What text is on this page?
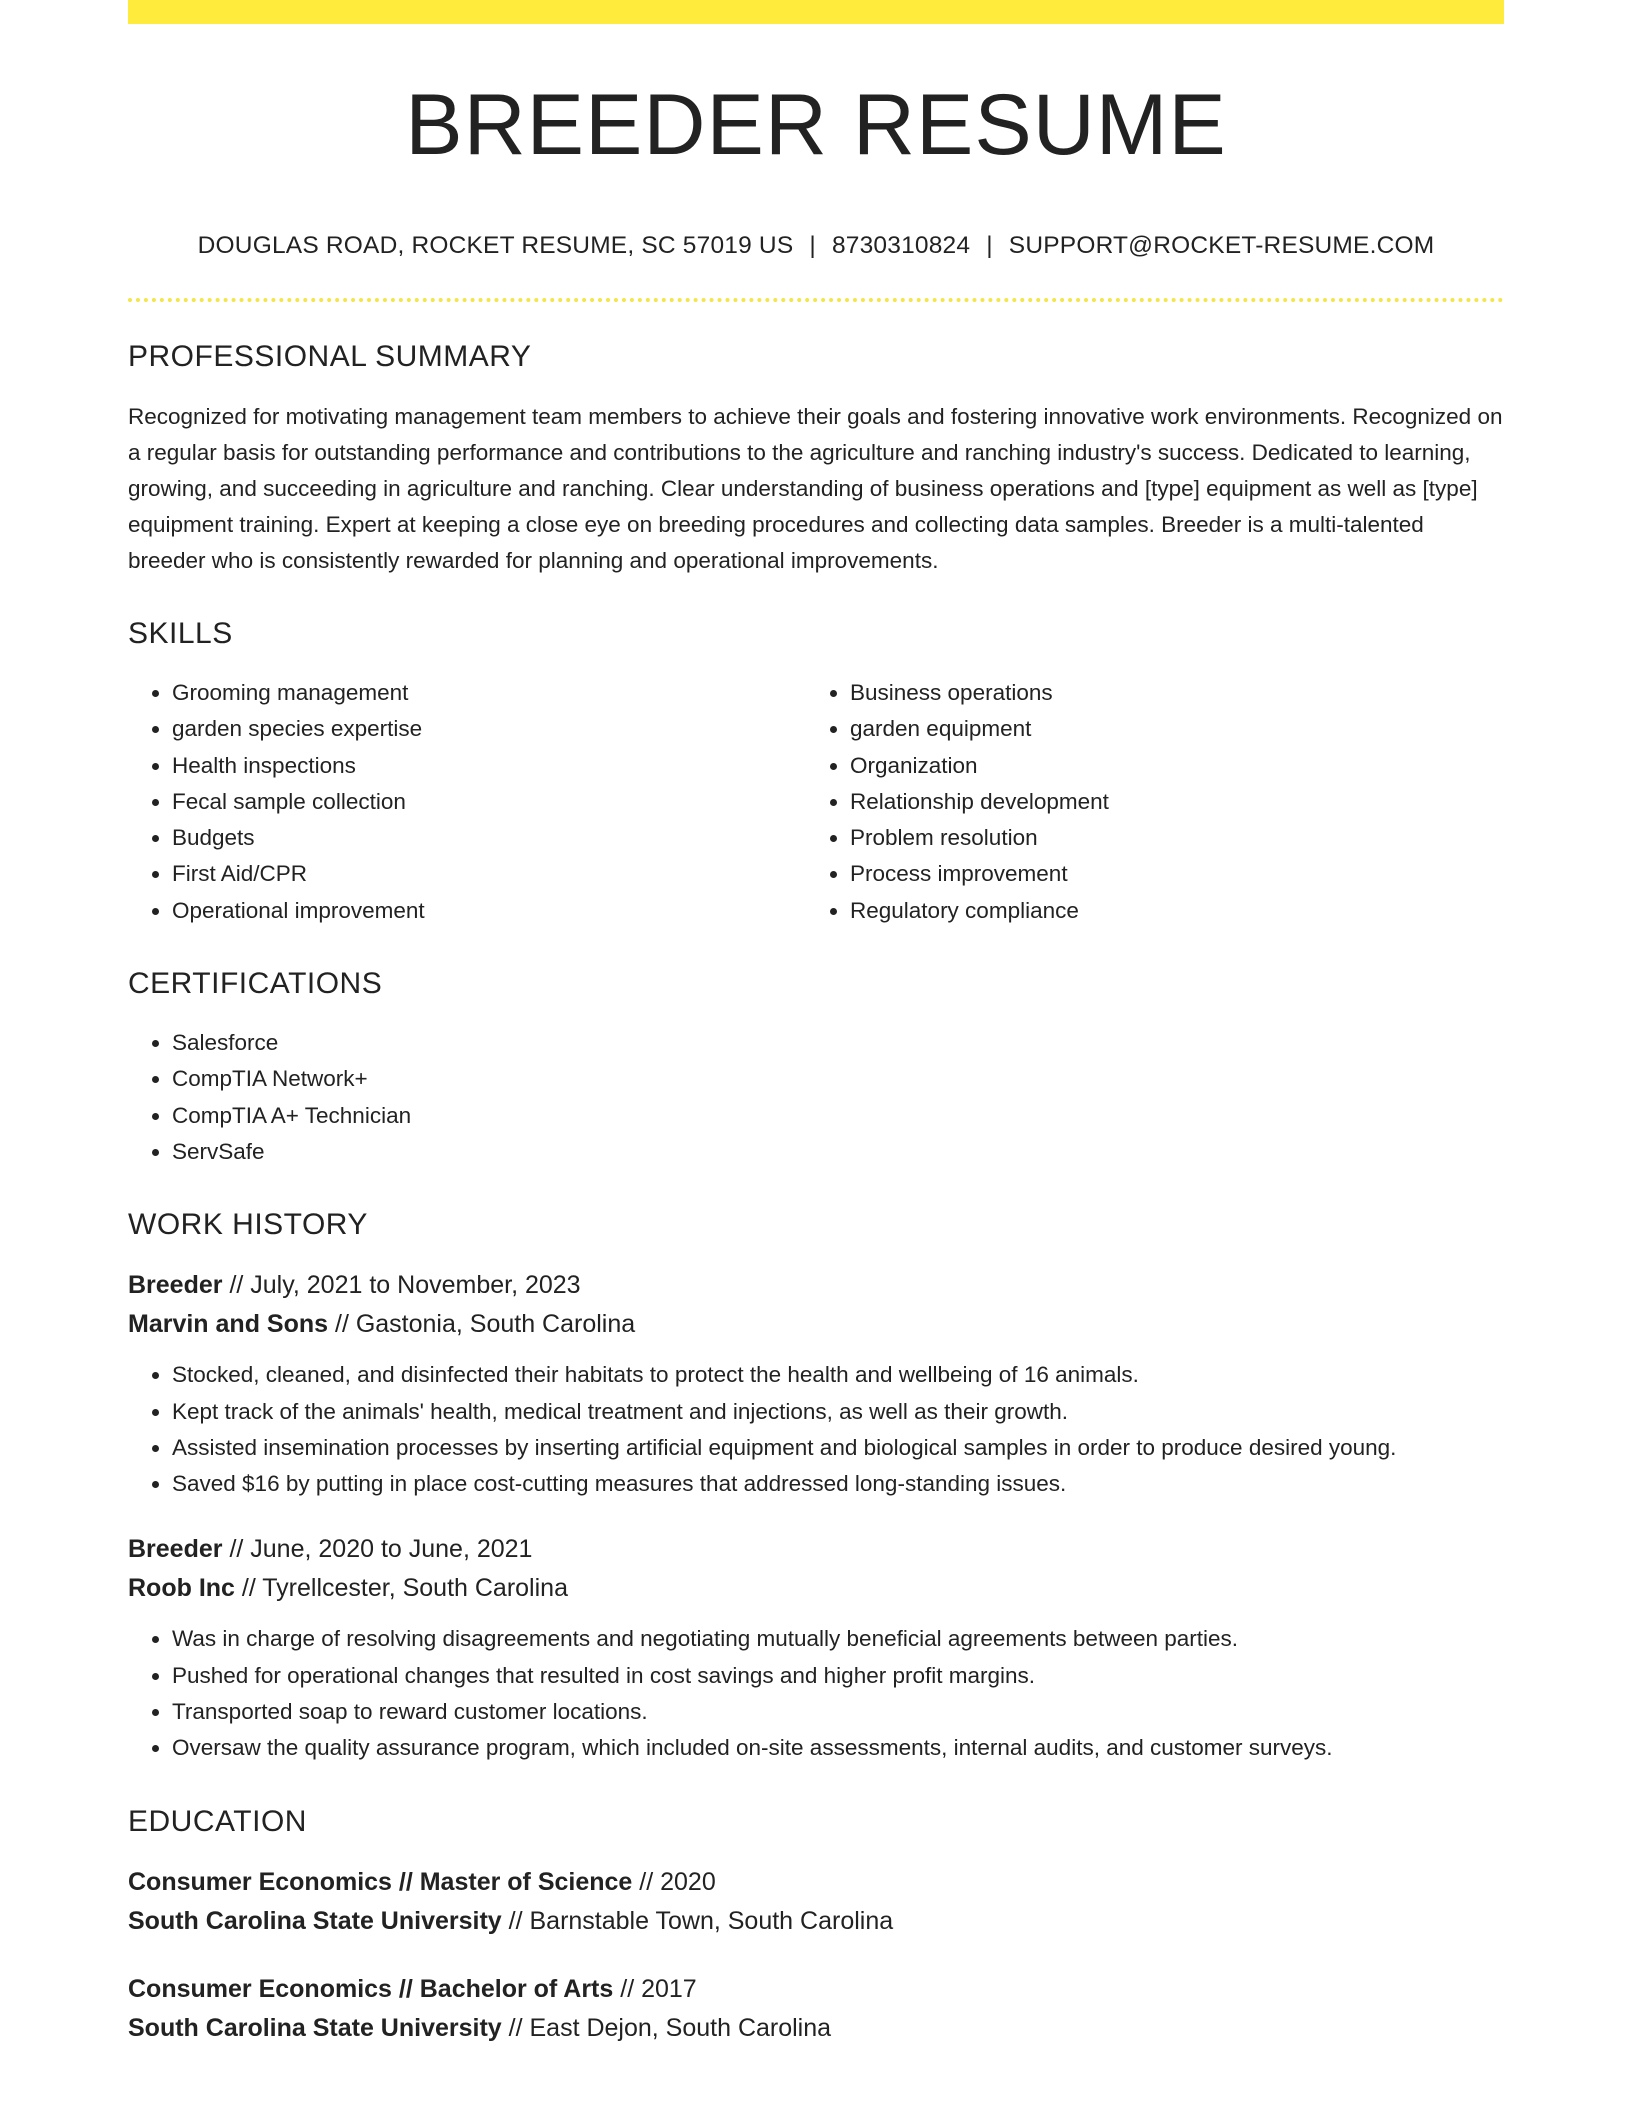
BREEDER RESUME
DOUGLAS ROAD, ROCKET RESUME, SC 57019 US | 8730310824 | SUPPORT@ROCKET-RESUME.COM
PROFESSIONAL SUMMARY
Recognized for motivating management team members to achieve their goals and fostering innovative work environments. Recognized on a regular basis for outstanding performance and contributions to the agriculture and ranching industry's success. Dedicated to learning, growing, and succeeding in agriculture and ranching. Clear understanding of business operations and [type] equipment as well as [type] equipment training. Expert at keeping a close eye on breeding procedures and collecting data samples. Breeder is a multi-talented breeder who is consistently rewarded for planning and operational improvements.
SKILLS
• Grooming management
• garden species expertise
• Health inspections
• Fecal sample collection
• Budgets
• First Aid/CPR
• Operational improvement
• Business operations
• garden equipment
• Organization
• Relationship development
• Problem resolution
• Process improvement
• Regulatory compliance
CERTIFICATIONS
• Salesforce
• CompTIA Network+
• CompTIA A+ Technician
• ServSafe
WORK HISTORY
Breeder // July, 2021 to November, 2023
Marvin and Sons // Gastonia, South Carolina
• Stocked, cleaned, and disinfected their habitats to protect the health and wellbeing of 16 animals.
• Kept track of the animals' health, medical treatment and injections, as well as their growth.
• Assisted insemination processes by inserting artificial equipment and biological samples in order to produce desired young.
• Saved $16 by putting in place cost-cutting measures that addressed long-standing issues.
Breeder // June, 2020 to June, 2021
Roob Inc // Tyrellcester, South Carolina
• Was in charge of resolving disagreements and negotiating mutually beneficial agreements between parties.
• Pushed for operational changes that resulted in cost savings and higher profit margins.
• Transported soap to reward customer locations.
• Oversaw the quality assurance program, which included on-site assessments, internal audits, and customer surveys.
EDUCATION
Consumer Economics // Master of Science // 2020
South Carolina State University // Barnstable Town, South Carolina
Consumer Economics // Bachelor of Arts // 2017
South Carolina State University // East Dejon, South Carolina
